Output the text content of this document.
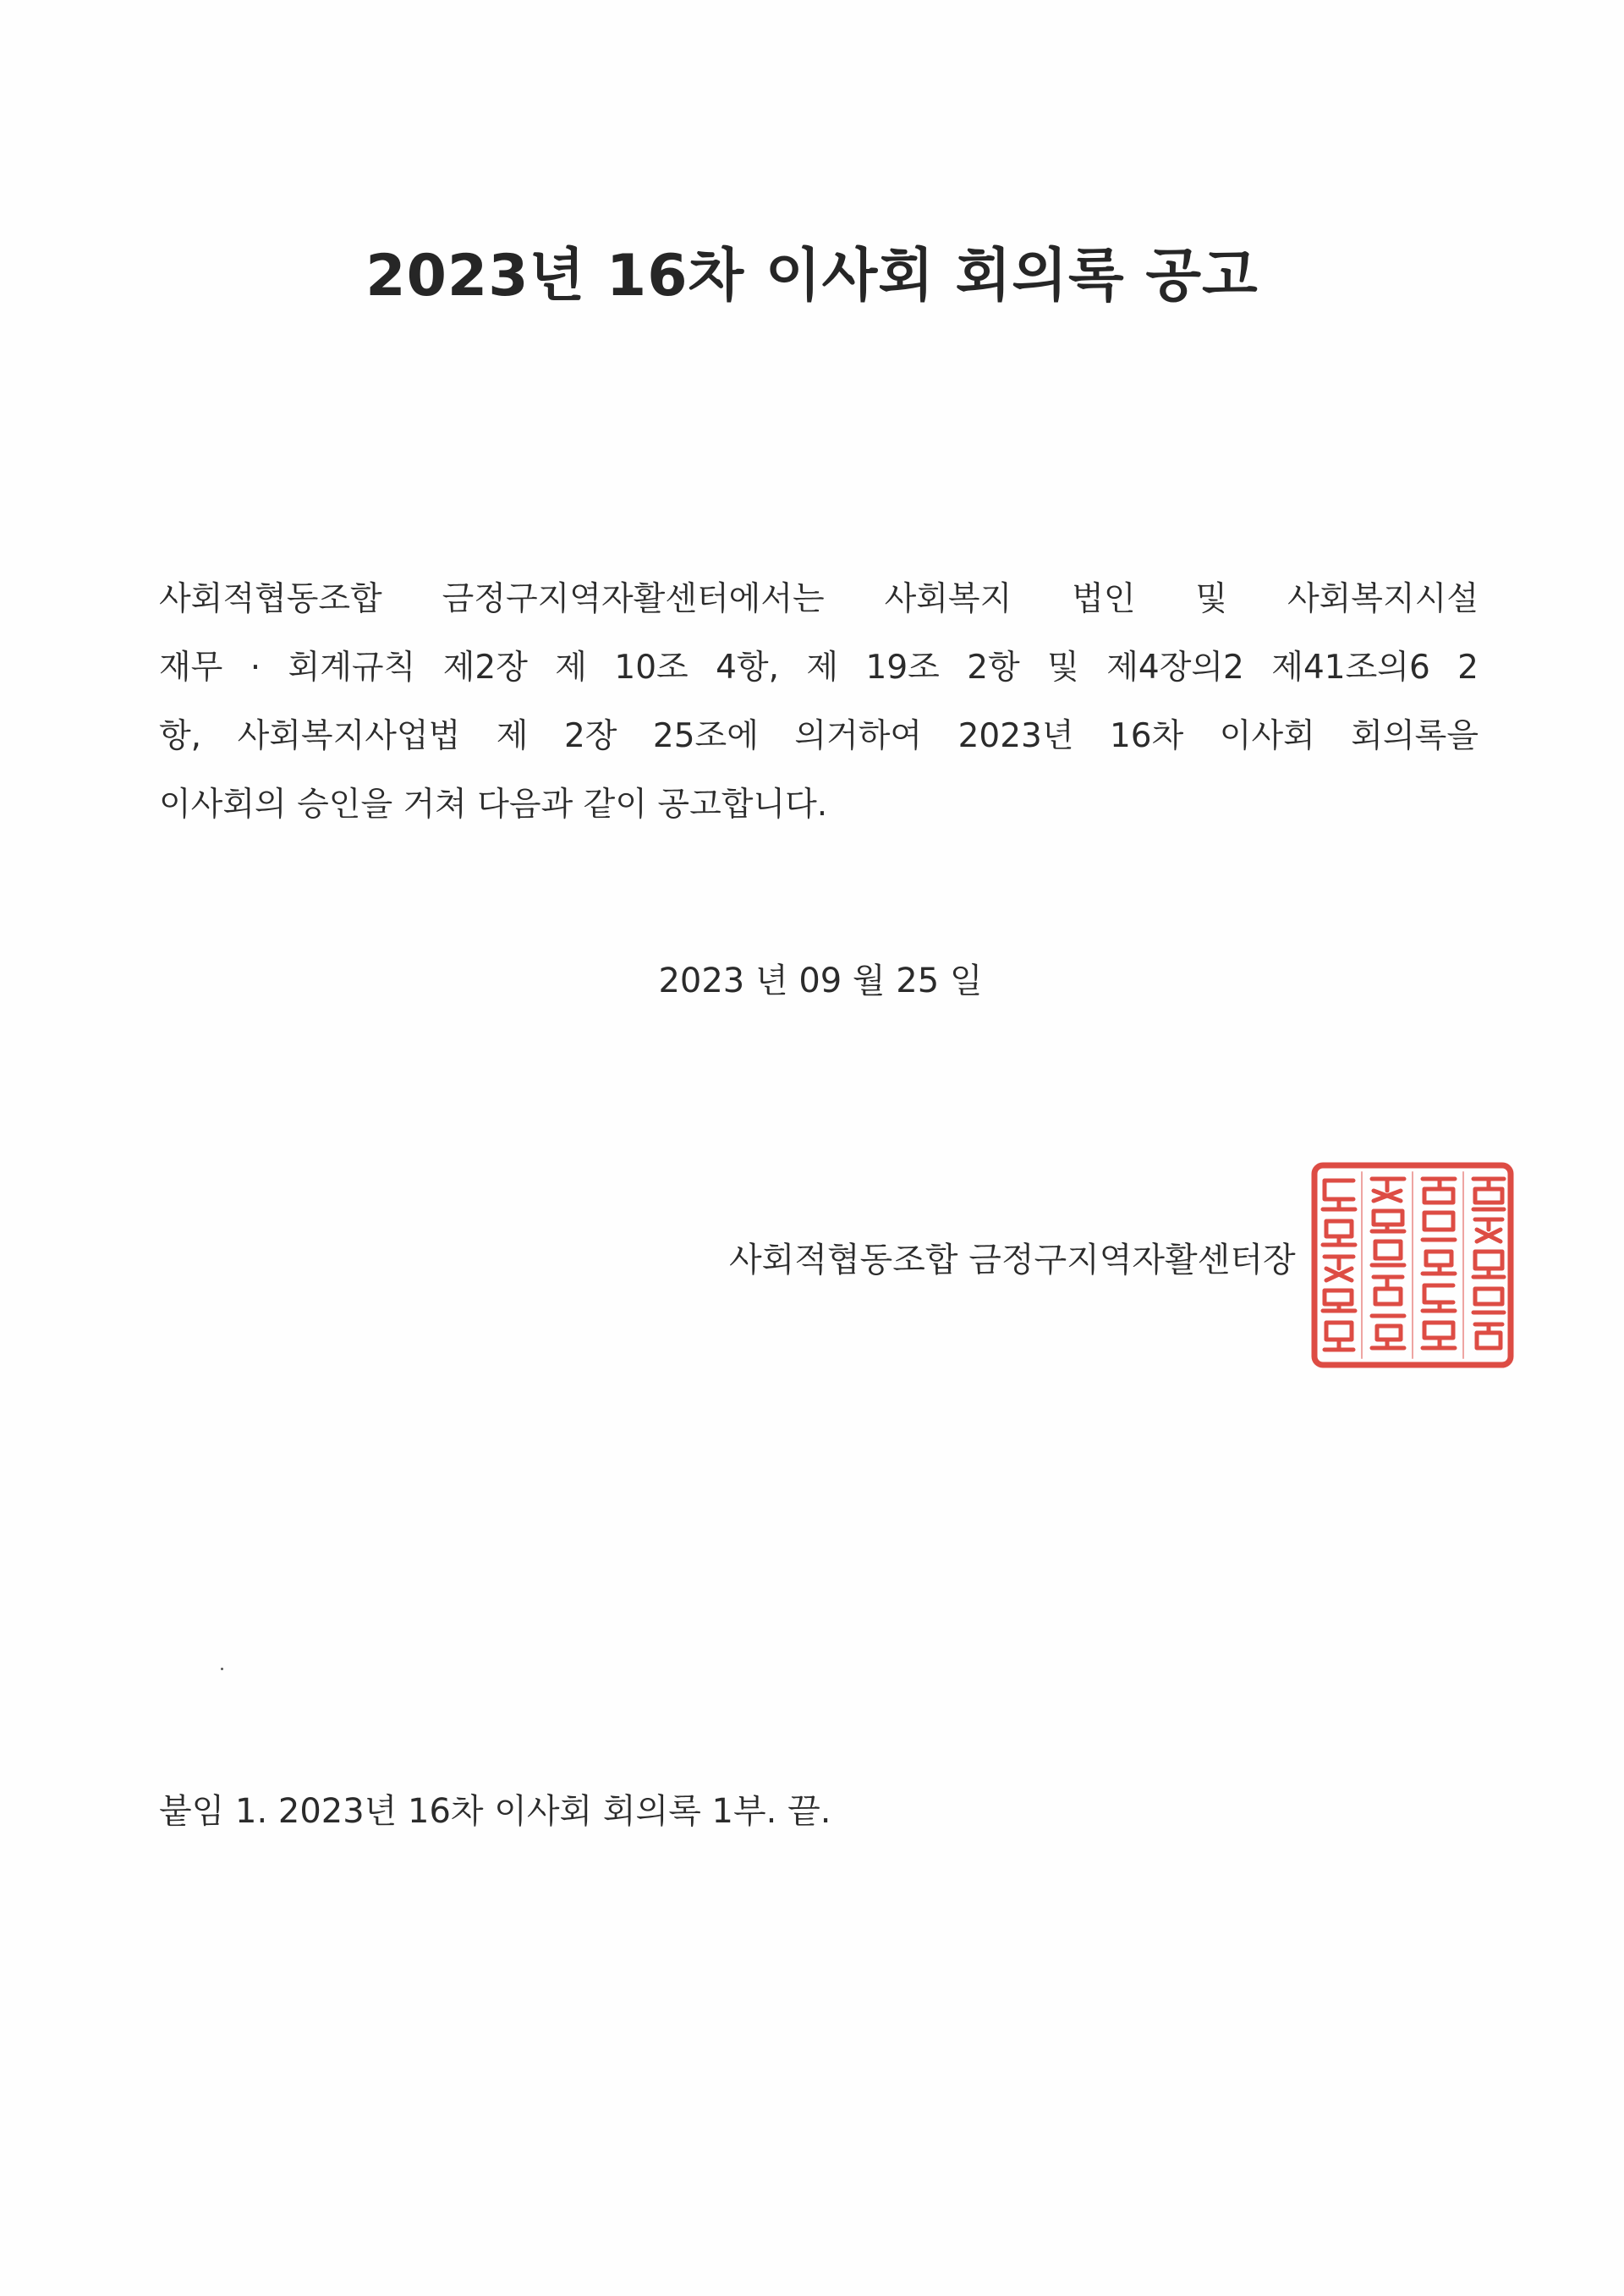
2023년 16차 이사회 회의록 공고
사회적협동조합 금정구지역자활센터에서는 사회복지 법인 및 사회복지시설
재무 · 회계규칙 제2장 제 10조 4항, 제 19조 2항 및 제4장의2 제41조의6 2
항, 사회복지사업법 제 2장 25조에 의거하여 2023년 16차 이사회 회의록을
이사회의 승인을 거쳐 다음과 같이 공고합니다.
2023 년 09 월 25 일
사회적협동조합 금정구지역자활센터장
붙임 1. 2023년 16차 이사회 회의록 1부. 끝.
